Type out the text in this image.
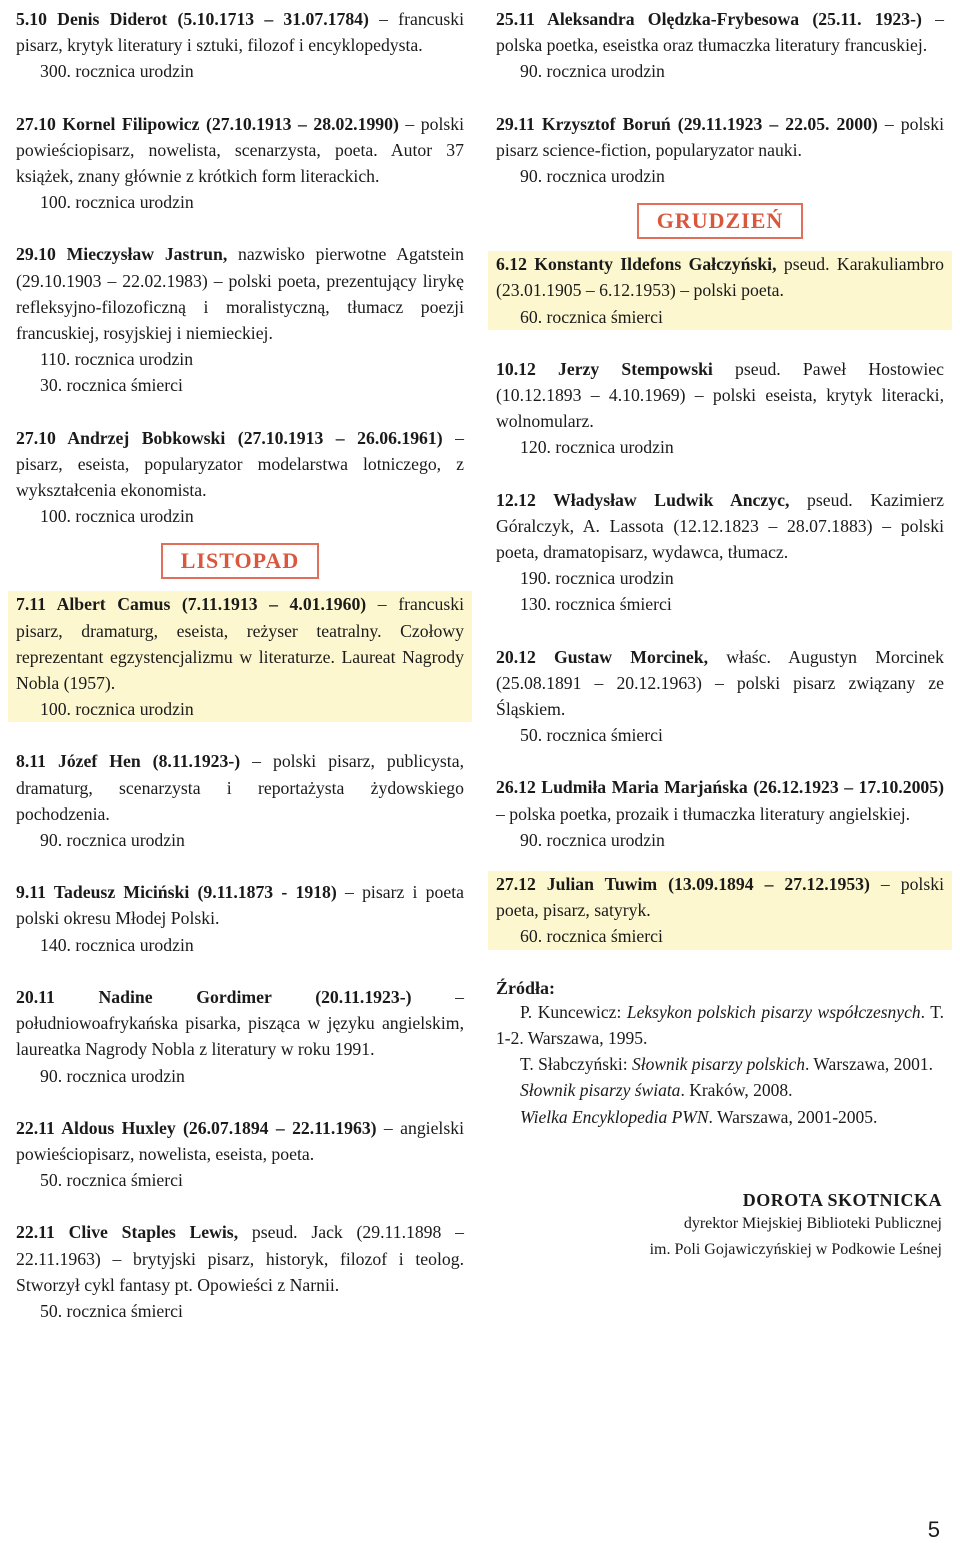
5.10 Denis Diderot (5.10.1713 – 31.07.1784) – francuski pisarz, krytyk literatury i sztuki, filozof i encyklopedysta.
300. rocznica urodzin
27.10 Kornel Filipowicz (27.10.1913 – 28.02.1990) – polski powieściopisarz, nowelista, scenarzysta, poeta. Autor 37 książek, znany głównie z krótkich form literackich.
100. rocznica urodzin
29.10 Mieczysław Jastrun, nazwisko pierwotne Agatstein (29.10.1903 – 22.02.1983) – polski poeta, prezentujący lirykę refleksyjno-filozoficzną i moralistyczną, tłumacz poezji francuskiej, rosyjskiej i niemieckiej.
110. rocznica urodzin
30. rocznica śmierci
27.10 Andrzej Bobkowski (27.10.1913 – 26.06.1961) – pisarz, eseista, popularyzator modelarstwa lotniczego, z wykształcenia ekonomista.
100. rocznica urodzin
LISTOPAD
7.11 Albert Camus (7.11.1913 – 4.01.1960) – francuski pisarz, dramaturg, eseista, reżyser teatralny. Czołowy reprezentant egzystencjalizmu w literaturze. Laureat Nagrody Nobla (1957).
100. rocznica urodzin
8.11 Józef Hen (8.11.1923-) – polski pisarz, publicysta, dramaturg, scenarzysta i reportażysta żydowskiego pochodzenia.
90. rocznica urodzin
9.11 Tadeusz Miciński (9.11.1873 - 1918) – pisarz i poeta polski okresu Młodej Polski.
140. rocznica urodzin
20.11 Nadine Gordimer (20.11.1923-) – południowoafrykańska pisarka, pisząca w języku angielskim, laureatka Nagrody Nobla z literatury w roku 1991.
90. rocznica urodzin
22.11 Aldous Huxley (26.07.1894 – 22.11.1963) – angielski powieściopisarz, nowelista, eseista, poeta.
50. rocznica śmierci
22.11 Clive Staples Lewis, pseud. Jack (29.11.1898 – 22.11.1963) – brytyjski pisarz, historyk, filozof i teolog. Stworzył cykl fantasy pt. Opowieści z Narnii.
50. rocznica śmierci
25.11 Aleksandra Olędzka-Frybesowa (25.11. 1923-) – polska poetka, eseistka oraz tłumaczka literatury francuskiej.
90. rocznica urodzin
29.11 Krzysztof Boruń (29.11.1923 – 22.05. 2000) – polski pisarz science-fiction, popularyzator nauki.
90. rocznica urodzin
GRUDZIEŃ
6.12 Konstanty Ildefons Gałczyński, pseud. Karakuliambro (23.01.1905 – 6.12.1953) – polski poeta.
60. rocznica śmierci
10.12 Jerzy Stempowski pseud. Paweł Hostowiec (10.12.1893 – 4.10.1969) – polski eseista, krytyk literacki, wolnomularz.
120. rocznica urodzin
12.12 Władysław Ludwik Anczyc, pseud. Kazimierz Góralczyk, A. Lassota (12.12.1823 – 28.07.1883) – polski poeta, dramatopisarz, wydawca, tłumacz.
190. rocznica urodzin
130. rocznica śmierci
20.12 Gustaw Morcinek, właśc. Augustyn Morcinek (25.08.1891 – 20.12.1963) – polski pisarz związany ze Śląskiem.
50. rocznica śmierci
26.12 Ludmiła Maria Marjańska (26.12.1923 – 17.10.2005) – polska poetka, prozaik i tłumaczka literatury angielskiej.
90. rocznica urodzin
27.12 Julian Tuwim (13.09.1894 – 27.12.1953) – polski poeta, pisarz, satyryk.
60. rocznica śmierci
Źródła:
P. Kuncewicz: Leksykon polskich pisarzy współczesnych. T. 1-2. Warszawa, 1995.
T. Słabczyński: Słownik pisarzy polskich. Warszawa, 2001.
Słownik pisarzy świata. Kraków, 2008.
Wielka Encyklopedia PWN. Warszawa, 2001-2005.
DOROTA SKOTNICKA
dyrektor Miejskiej Biblioteki Publicznej
im. Poli Gojawiczyńskiej w Podkowie Leśnej
5
